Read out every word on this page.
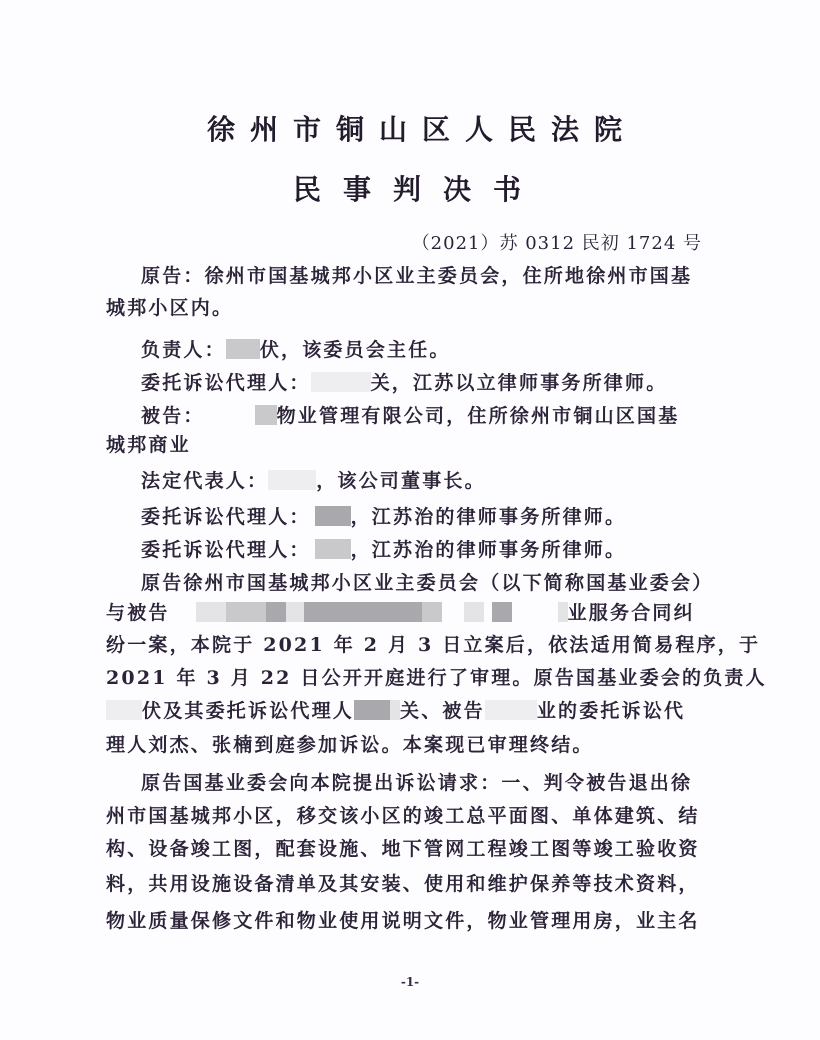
徐州市铜山区人民法院
民事判决书
（2021）苏 0312 民初 1724 号
原告：徐州市国基城邦小区业主委员会，住所地徐州市国基
城邦小区内。
负责人： 伏，该委员会主任。
委托诉讼代理人：	关，江苏以立律师事务所律师。
被告：	物业管理有限公司，住所徐州市铜山区国基
城邦商业
法定代表人：	，该公司董事长。
委托诉讼代理人： ，江苏治的律师事务所律师。
委托诉讼代理人： ，江苏治的律师事务所律师。
原告徐州市国基城邦小区业主委员会（以下简称国基业委会）
与被告	业服务合同纠
纷一案，本院于 2021 年 2 月 3 日立案后，依法适用简易程序，于
2021 年 3 月 22 日公开开庭进行了审理。原告国基业委会的负责人
伏及其委托诉讼代理人 关、被告	业的委托诉讼代
理人刘杰、张楠到庭参加诉讼。本案现已审理终结。
原告国基业委会向本院提出诉讼请求：一、判令被告退出徐
州市国基城邦小区，移交该小区的竣工总平面图、单体建筑、结
构、设备竣工图，配套设施、地下管网工程竣工图等竣工验收资
料，共用设施设备清单及其安装、使用和维护保养等技术资料，
物业质量保修文件和物业使用说明文件，物业管理用房，业主名
-1-
